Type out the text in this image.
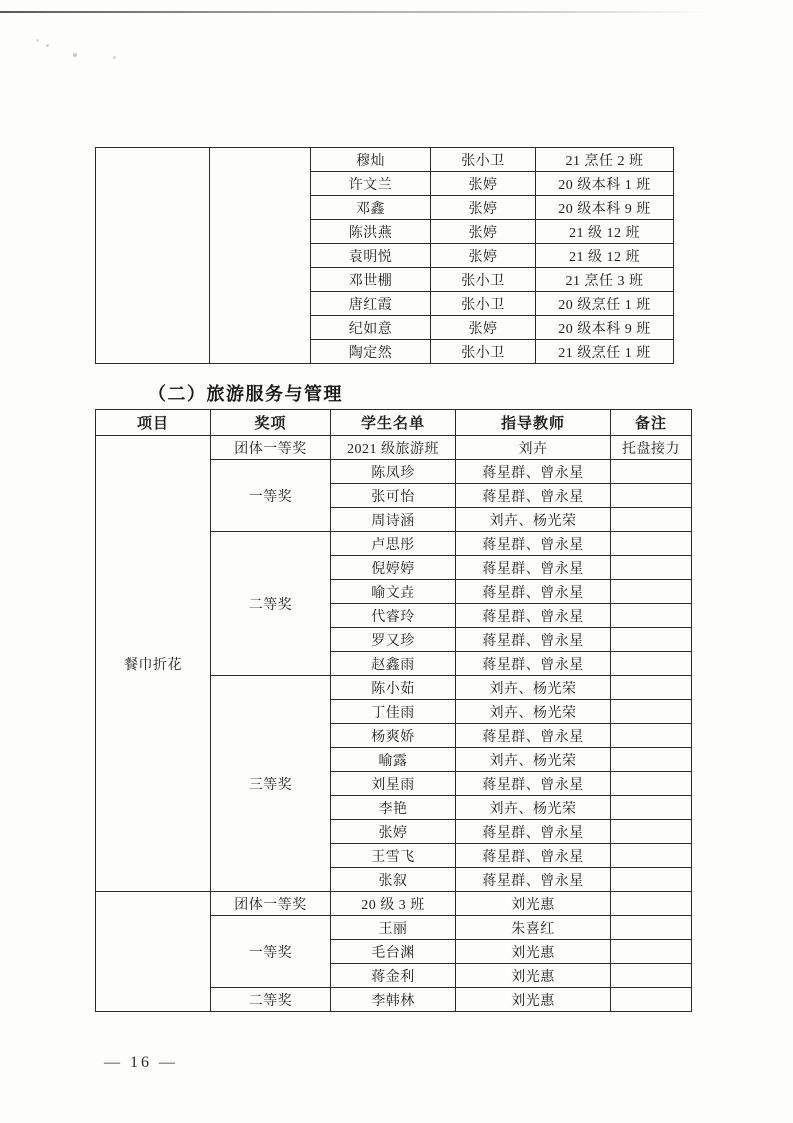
		穆灿	张小卫	21 烹任 2 班
		许文兰	张婷	20 级本科 1 班
		邓鑫	张婷	20 级本科 9 班
		陈洪燕	张婷	21 级 12 班
		袁明悦	张婷	21 级 12 班
		邓世棚	张小卫	21 烹任 3 班
		唐红霞	张小卫	20 级烹任 1 班
		纪如意	张婷	20 级本科 9 班
		陶定然	张小卫	21 级烹任 1 班
（二）旅游服务与管理
项目	奖项	学生名单	指导教师	备注
餐巾折花	团体一等奖	2021 级旅游班	刘卉	托盘接力
	一等奖	陈凤珍	蒋星群、曾永星	
		张可怡	蒋星群、曾永星	
		周诗涵	刘卉、杨光荣	
	二等奖	卢思彤	蒋星群、曾永星	
		倪婷婷	蒋星群、曾永星	
		喻文垚	蒋星群、曾永星	
		代睿玲	蒋星群、曾永星	
		罗又珍	蒋星群、曾永星	
		赵鑫雨	蒋星群、曾永星	
	三等奖	陈小茹	刘卉、杨光荣	
		丁佳雨	刘卉、杨光荣	
		杨爽娇	蒋星群、曾永星	
		喻露	刘卉、杨光荣	
		刘星雨	蒋星群、曾永星	
		李艳	刘卉、杨光荣	
		张婷	蒋星群、曾永星	
		王雪飞	蒋星群、曾永星	
		张叙	蒋星群、曾永星	
	团体一等奖	20 级 3 班	刘光惠	
	一等奖	王丽	朱喜红	
		毛台渊	刘光惠	
		蒋金利	刘光惠	
	二等奖	李韩林	刘光惠	
— 16 —
